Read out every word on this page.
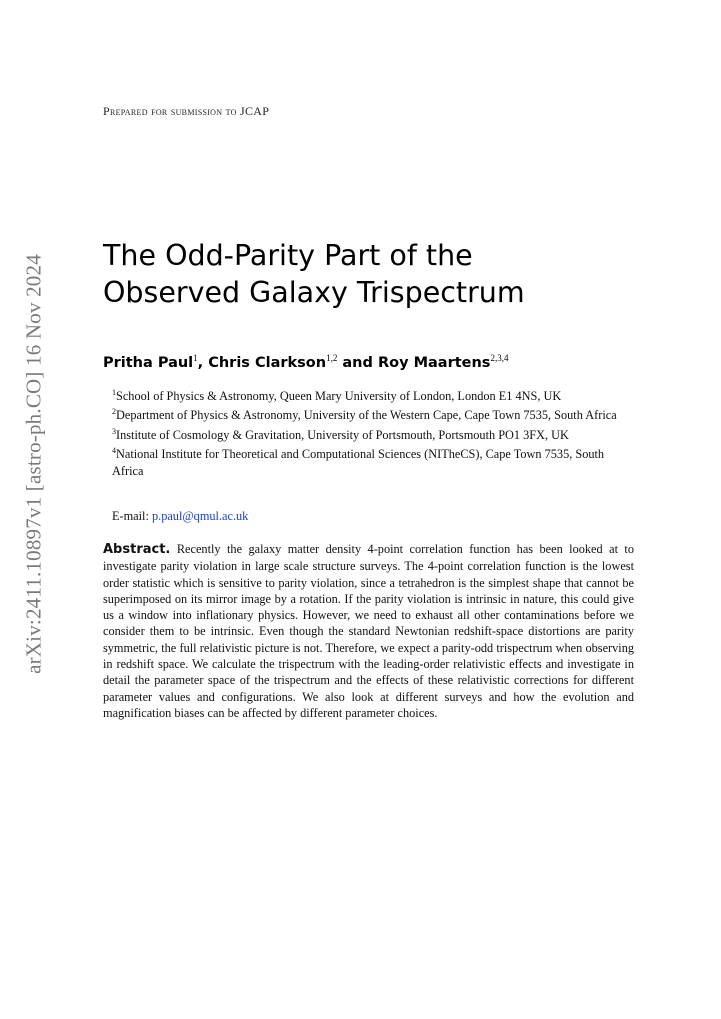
Prepared for submission to JCAP
The Odd-Parity Part of the
Observed Galaxy Trispectrum
Pritha Paul$^1$, Chris Clarkson$^{1,2}$ and Roy Maartens$^{2,3,4}$

$^1$School of Physics & Astronomy, Queen Mary University of London, London E1 4NS, UK

$^2$Department of Physics & Astronomy, University of the Western Cape, Cape Town 7535, South Africa

$^3$Institute of Cosmology & Gravitation, University of Portsmouth, Portsmouth PO1 3FX, UK

$^4$National Institute for Theoretical and Computational Sciences (NITheCS), Cape Town 7535, South Africa

E-mail: p.paul@qmul.ac.uk
Abstract. Recently the galaxy matter density 4-point correlation function has been looked at to investigate parity violation in large scale structure surveys. The 4-point correlation function is the lowest order statistic which is sensitive to parity violation, since a tetrahedron is the simplest shape that cannot be superimposed on its mirror image by a rotation. If the parity violation is intrinsic in nature, this could give us a window into inflationary physics. However, we need to exhaust all other contaminations before we consider them to be intrinsic. Even though the standard Newtonian redshift-space distortions are parity symmetric, the full relativistic picture is not. Therefore, we expect a parity-odd trispectrum when observing in redshift space. We calculate the trispectrum with the leading-order relativistic effects and investigate in detail the parameter space of the trispectrum and the effects of these relativistic corrections for different parameter values and configurations. We also look at different surveys and how the evolution and magnification biases can be affected by different parameter choices.
arXiv:2411.10897v1 [astro-ph.CO] 16 Nov 2024
